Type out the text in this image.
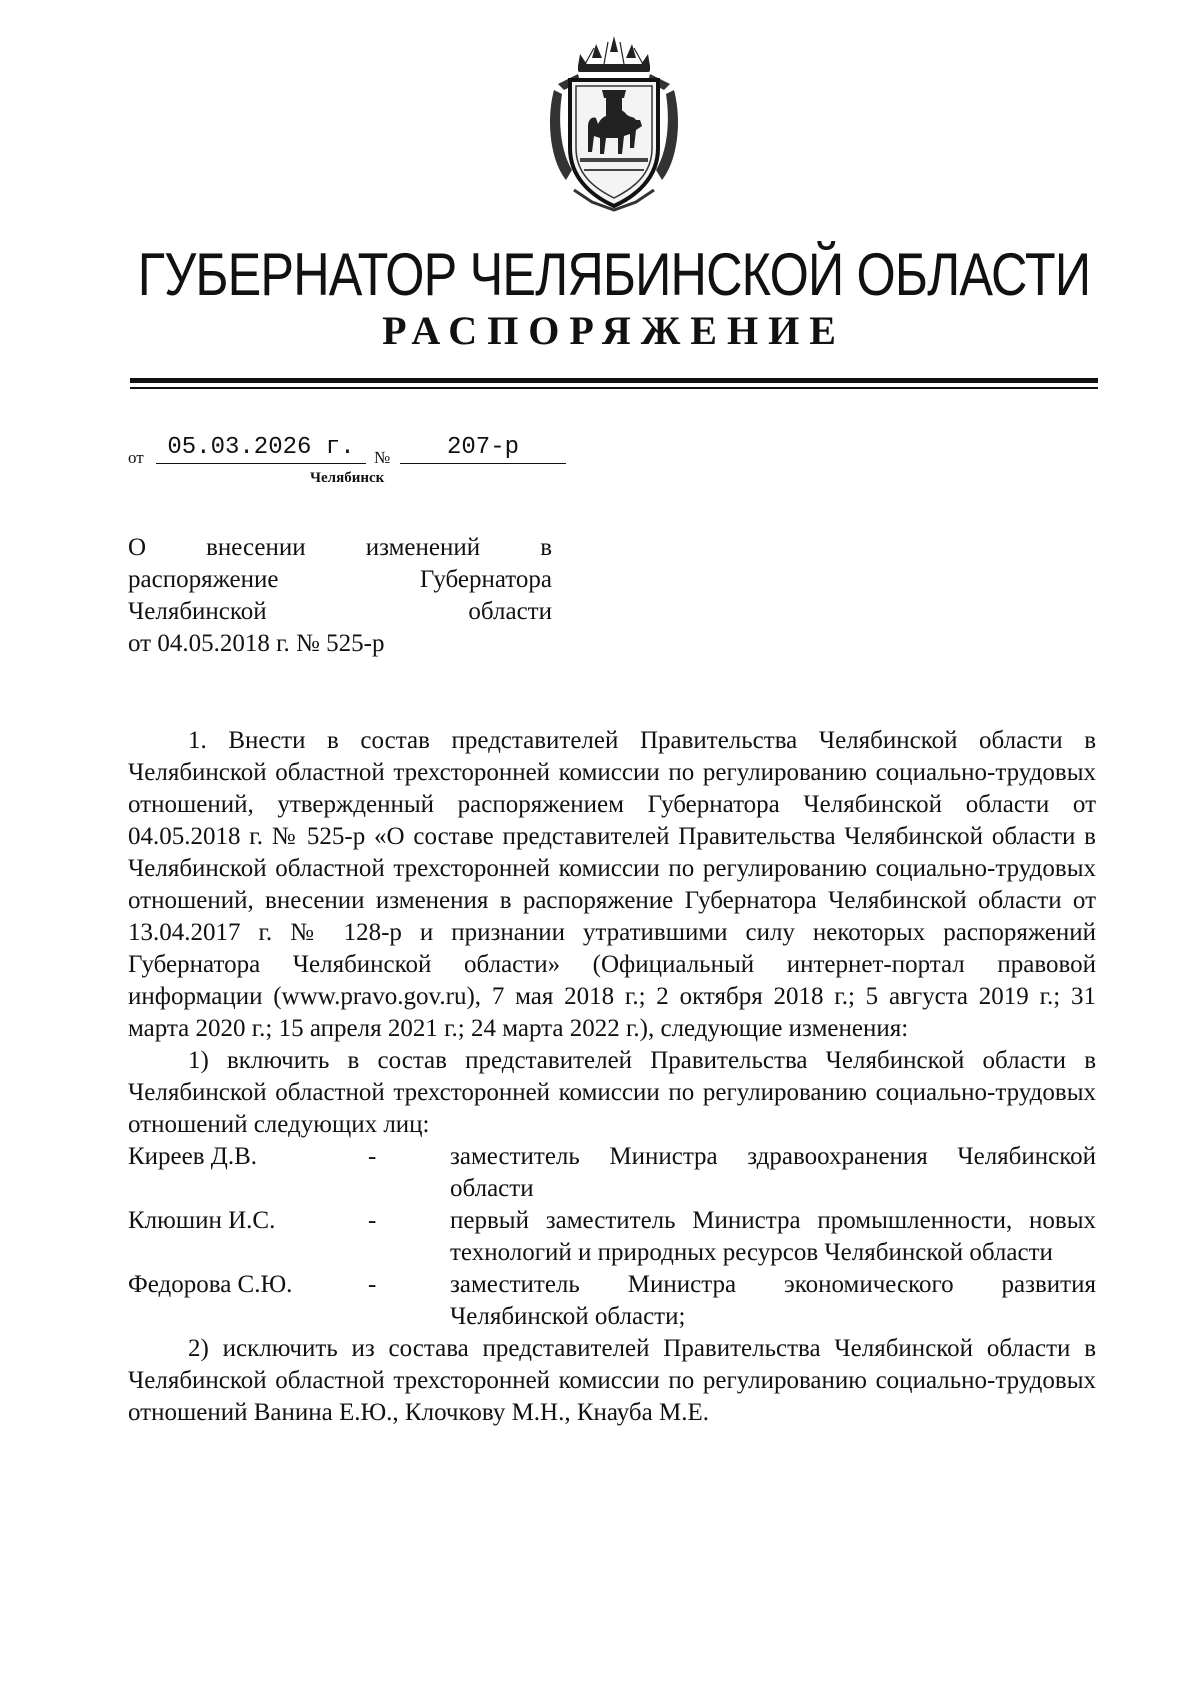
ГУБЕРНАТОР ЧЕЛЯБИНСКОЙ ОБЛАСТИ
РАСПОРЯЖЕНИЕ
от 05.03.2026 г.	№	207-р
Челябинск
О внесении изменений в
распоряжение	Губернатора
Челябинской	области
от 04.05.2018 г. № 525-р

1. Внести в состав представителей Правительства Челябинской области в Челябинской областной трехсторонней комиссии по регулированию социально-трудовых отношений, утвержденный распоряжением Губернатора Челябинской области от 04.05.2018 г. № 525-р «О составе представителей Правительства Челябинской области в Челябинской областной трехсторонней комиссии по регулированию социально-трудовых отношений, внесении изменения в распоряжение Губернатора Челябинской области от 13.04.2017 г. № 128-р и признании утратившими силу некоторых распоряжений Губернатора Челябинской области» (Официальный интернет-портал правовой информации (www.pravo.gov.ru), 7 мая 2018 г.; 2 октября 2018 г.; 5 августа 2019 г.; 31 марта 2020 г.; 15 апреля 2021 г.; 24 марта 2022 г.), следующие изменения:

1) включить в состав представителей Правительства Челябинской области в Челябинской областной трехсторонней комиссии по регулированию социально-трудовых отношений следующих лиц:

Киреев Д.В.	-	заместитель Министра здравоохранения Челябинской области
Клюшин И.С.	-	первый заместитель Министра промышленности, новых технологий и природных ресурсов Челябинской области
Федорова С.Ю.	-	заместитель Министра экономического развития Челябинской области;

2) исключить из состава представителей Правительства Челябинской области в Челябинской областной трехсторонней комиссии по регулированию социально-трудовых отношений Ванина Е.Ю., Клочкову М.Н., Кнауба М.Е.
